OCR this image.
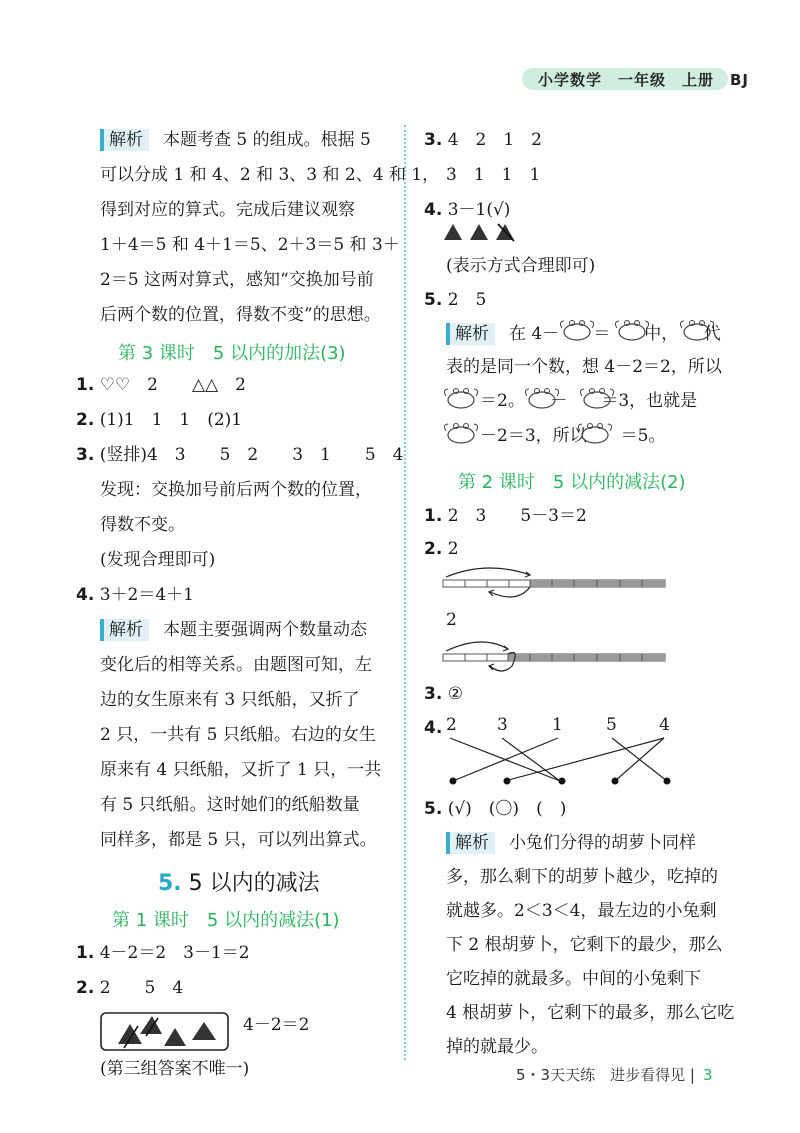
小学数学　一年级　上册　BJ
解析 本题考查 5 的组成。根据 5
可以分成 1 和 4、2 和 3、3 和 2、4 和 1，
得到对应的算式。完成后建议观察
1＋4＝5 和 4＋1＝5、2＋3＝5 和 3＋
2＝5 这两对算式，感知“交换加号前
后两个数的位置，得数不变”的思想。
第 3 课时　5 以内的加法(3)
1. ♡♡　2　　△△　2
2. (1)1　1　1　(2)1
3. (竖排)4　3　　5　2　　3　1　　5　4
发现：交换加号前后两个数的位置，
得数不变。
(发现合理即可)
4. 3＋2＝4＋1
解析 本题主要强调两个数量动态
变化后的相等关系。由题图可知，左
边的女生原来有 3 只纸船，又折了
2 只，一共有 5 只纸船。右边的女生
原来有 4 只纸船，又折了 1 只，一共
有 5 只纸船。这时她们的纸船数量
同样多，都是 5 只，可以列出算式。
5. 5 以内的减法
第 1 课时　5 以内的减法(1)
1. 4－2＝2　3－1＝2
2. 2　　5　4
4－2＝2
(第三组答案不唯一)
3. 4　2　1　2
3　1　1　1
4. 3－1(√)
(表示方式合理即可)
5. 2　5
解析 在 4－　　＝　　中，　　代
表的是同一个数，想 4－2＝2，所以
　　＝2。　　－　　＝3，也就是
　　－2＝3，所以　　＝5。
第 2 课时　5 以内的减法(2)
1. 2　3　　5－3＝2
2. 2
2
3. ②
4. 2 3	1	5 4
5. (√)　(〇)　(　)
解析 小兔们分得的胡萝卜同样
多，那么剩下的胡萝卜越少，吃掉的
就越多。2＜3＜4，最左边的小兔剩
下 2 根胡萝卜，它剩下的最少，那么
它吃掉的就最多。中间的小兔剩下
4 根胡萝卜，它剩下的最多，那么它吃
掉的就最少。
5・3天天练　进步看得见 | 3
